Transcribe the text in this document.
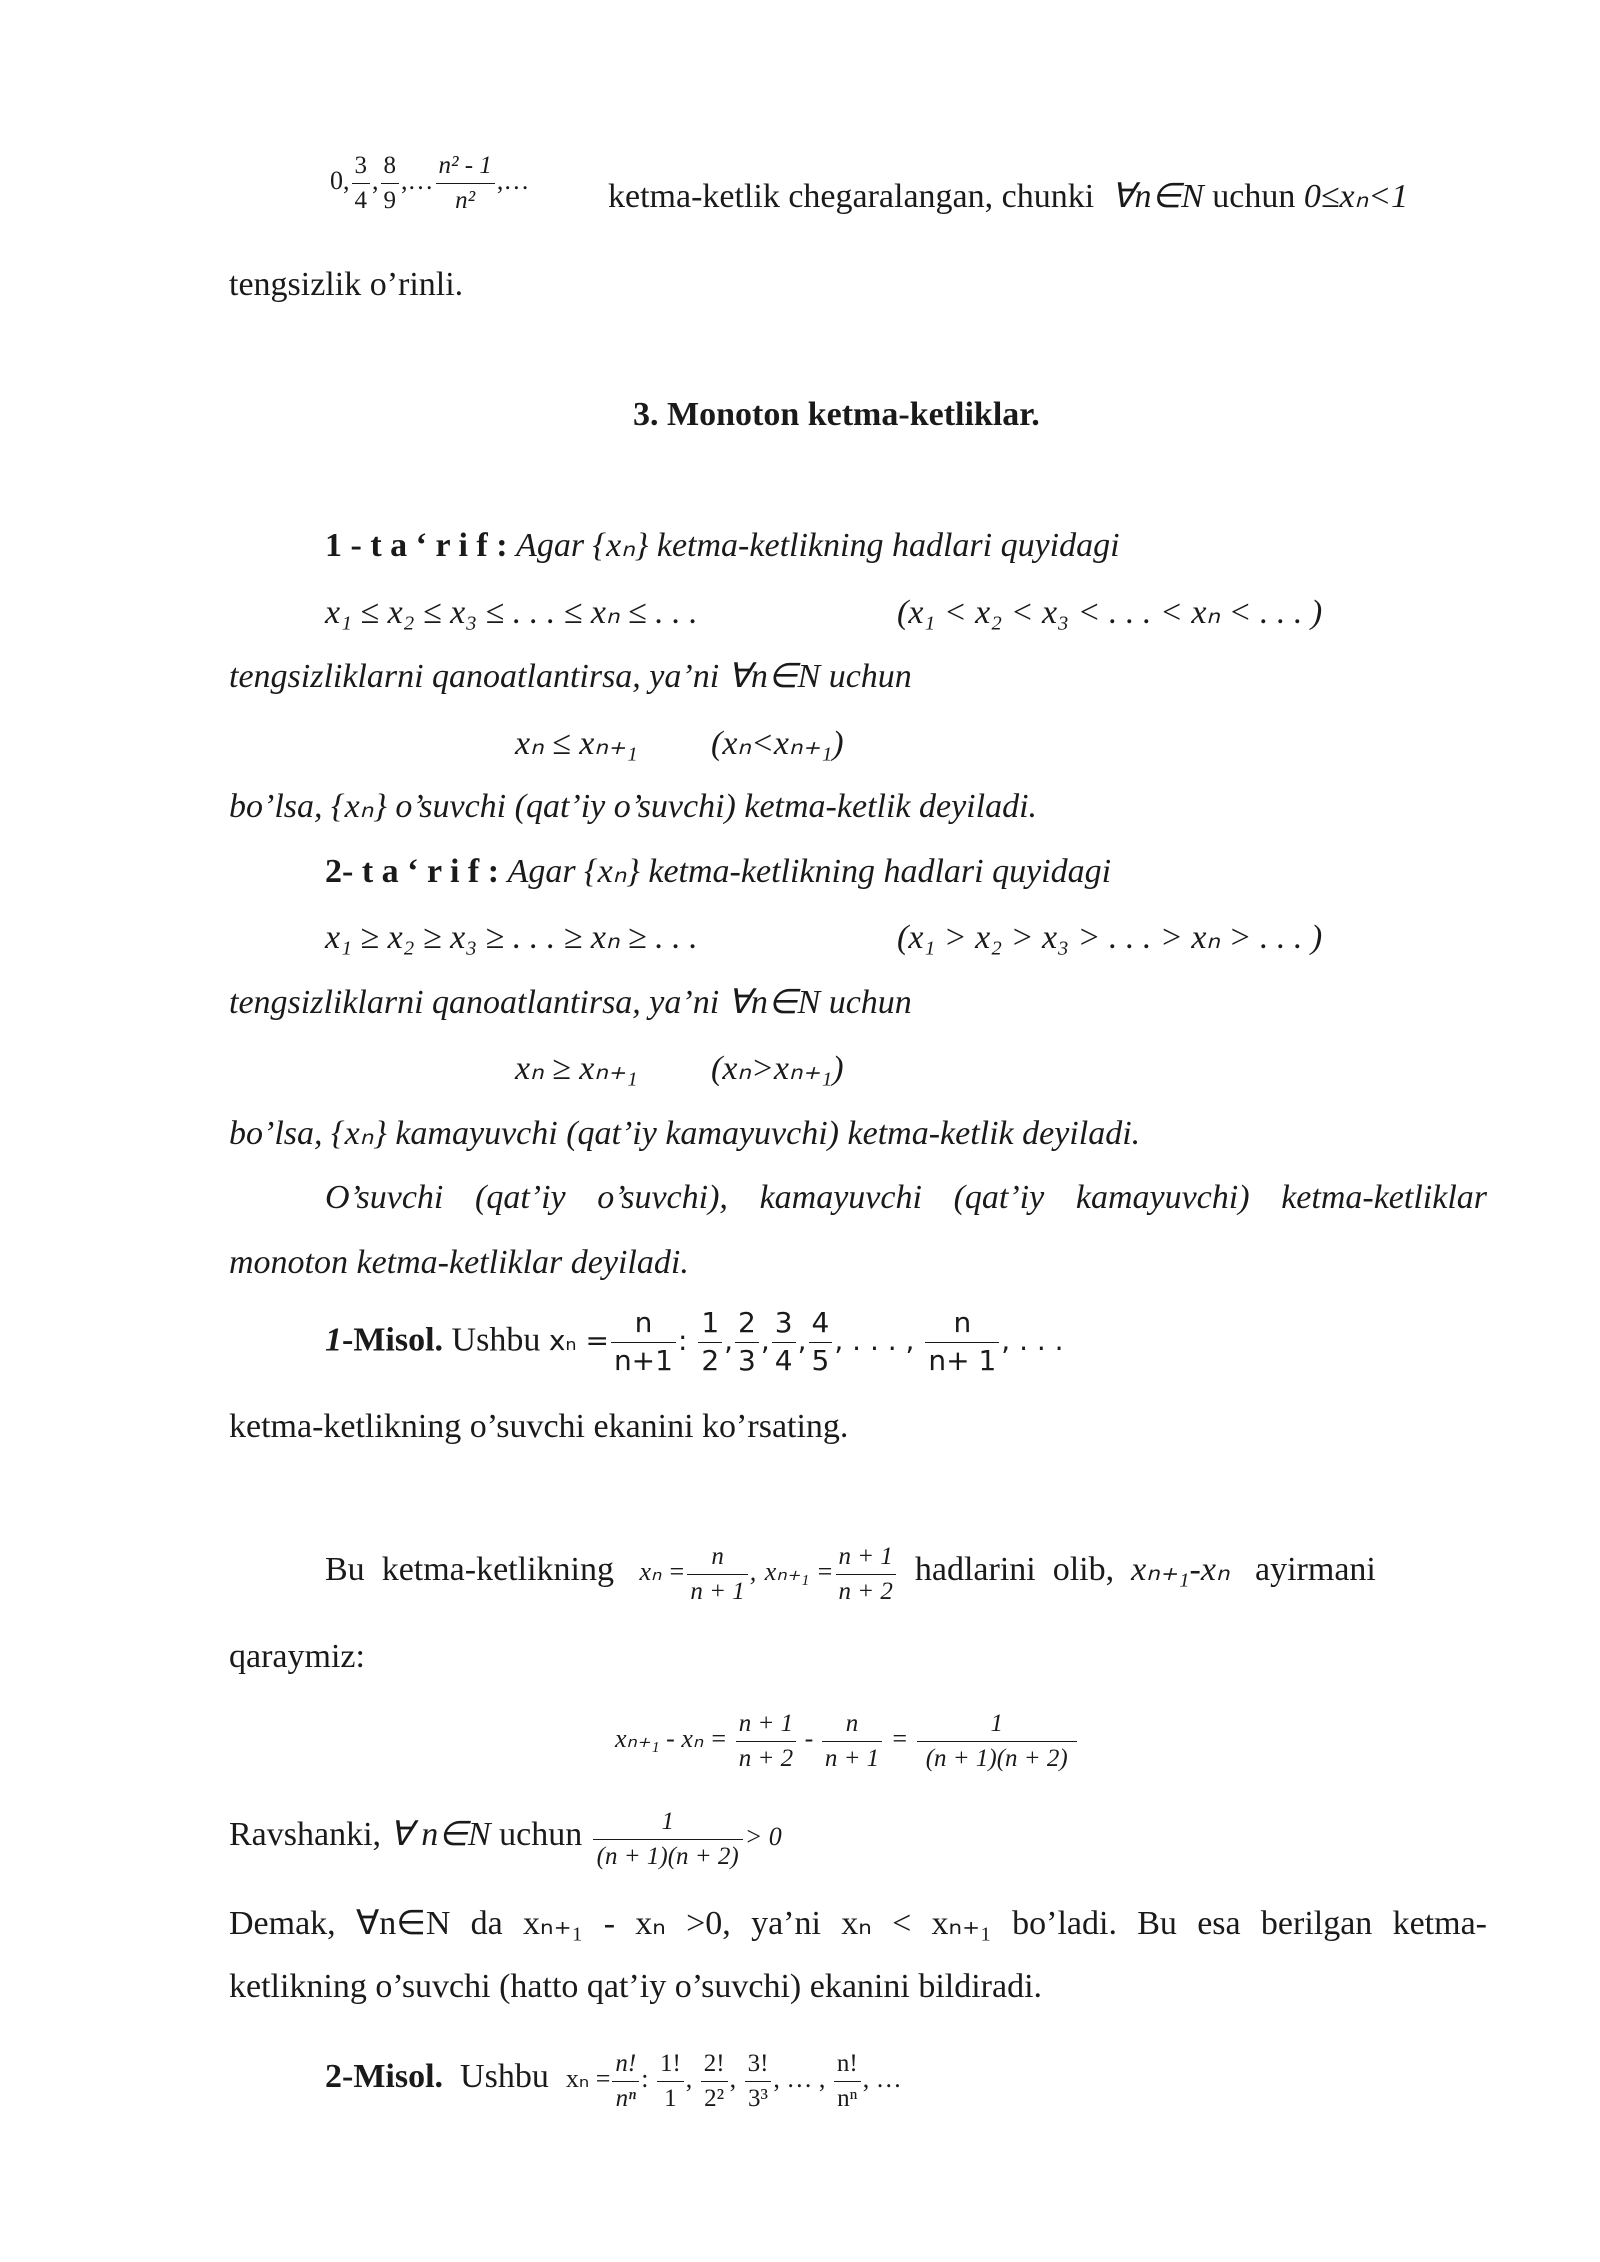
0, $\frac{3}{4}$ , $\frac{8}{9}$ ,… $\frac{\text{n² - 1}}{\text{n²}}$ ,… ketma-ketlik chegaralangan, chunki ∀n∈N uchun 0≤xₙ<1
tengsizlik o’rinli.
3. Monoton ketma-ketliklar.
1 - t a ‘ r i f : Agar {xₙ} ketma-ketlikning hadlari quyidagi
x₁ ≤ x₂ ≤ x₃ ≤ . . . ≤ xₙ ≤ . . .	(x₁ < x₂ < x₃ < . . . < xₙ < . . . )
tengsizliklarni qanoatlantirsa, ya’ni ∀n∈N uchun
xₙ ≤ xₙ₊₁ (xₙ<xₙ₊₁)
bo’lsa, {xₙ} o’suvchi (qat’iy o’suvchi) ketma-ketlik deyiladi.
2- t a ‘ r i f : Agar {xₙ} ketma-ketlikning hadlari quyidagi
x₁ ≥ x₂ ≥ x₃ ≥ . . . ≥ xₙ ≥ . . .	(x₁ > x₂ > x₃ > . . . > xₙ > . . . )
tengsizliklarni qanoatlantirsa, ya’ni ∀n∈N uchun
xₙ ≥ xₙ₊₁ (xₙ>xₙ₊₁)
bo’lsa, {xₙ} kamayuvchi (qat’iy kamayuvchi) ketma-ketlik deyiladi.
O’suvchi (qat’iy o’suvchi), kamayuvchi (qat’iy kamayuvchi) ketma-ketliklar
monoton ketma-ketliklar deyiladi.
1-Misol. Ushbu $x_n = \frac{n}{n+1}$ : $\frac{1}{2}$ , $\frac{2}{3}$ , $\frac{3}{4}$ , $\frac{4}{5}$ , . . . , $\frac{n}{n+ 1}$ , . . .
ketma-ketlikning o’suvchi ekanini ko’rsating.
Bu ketma-ketlikning $x_n = \frac{n}{n + 1}$ , $x_{n+1} = \frac{n + 1}{n + 2}$ hadlarini olib, xₙ₊₁-xₙ ayirmani
qaraymiz:
$x_{n+1} - x_n = \frac{n + 1}{n + 2} - \frac{n}{n + 1} = \frac{1}{(n + 1)(n + 2)}$
Ravshanki, ∀ n∈N uchun $\frac{1}{(n + 1)(n + 2)} > 0$
Demak, ∀n∈N da xₙ₊₁ - xₙ >0, ya’ni xₙ < xₙ₊₁ bo’ladi. Bu esa berilgan ketma-
ketlikning o’suvchi (hatto qat’iy o’suvchi) ekanini bildiradi.
2-Misol. Ushbu $x_n = \frac{n!}{\text{nⁿ}}$ : $\frac{1!}{1}$ , $\frac{2!}{\text{2²}}$ , $\frac{3!}{\text{3³}}$ , … , $\frac{n!}{\text{nⁿ}}$ , …
